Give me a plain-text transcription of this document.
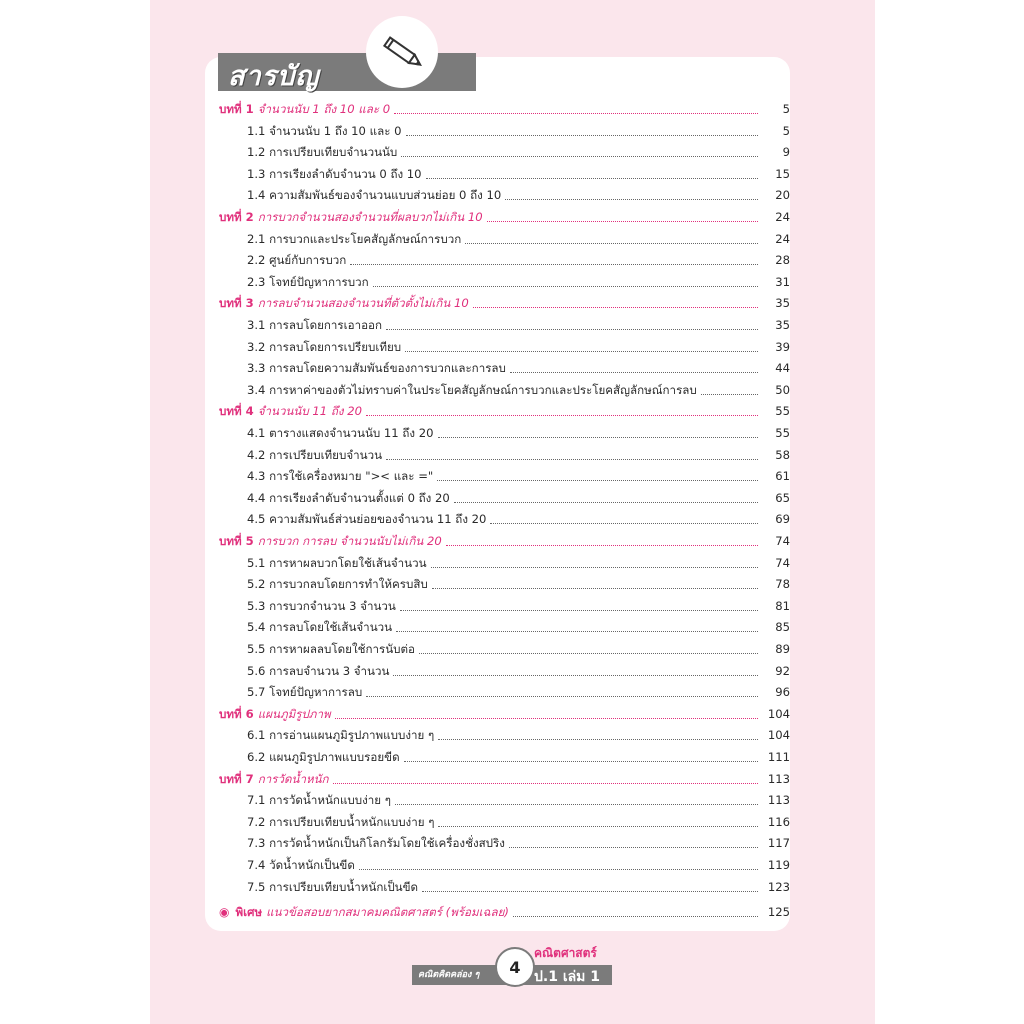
สารบัญ
บทที่ 1 จำนวนนับ 1 ถึง 10 และ 0	5
1.1 จำนวนนับ 1 ถึง 10 และ 0	5
1.2 การเปรียบเทียบจำนวนนับ	9
1.3 การเรียงลำดับจำนวน 0 ถึง 10	15
1.4 ความสัมพันธ์ของจำนวนแบบส่วนย่อย 0 ถึง 10	20
บทที่ 2 การบวกจำนวนสองจำนวนที่ผลบวกไม่เกิน 10	24
2.1 การบวกและประโยคสัญลักษณ์การบวก	24
2.2 ศูนย์กับการบวก	28
2.3 โจทย์ปัญหาการบวก	31
บทที่ 3 การลบจำนวนสองจำนวนที่ตัวตั้งไม่เกิน 10	35
3.1 การลบโดยการเอาออก	35
3.2 การลบโดยการเปรียบเทียบ	39
3.3 การลบโดยความสัมพันธ์ของการบวกและการลบ	44
3.4 การหาค่าของตัวไม่ทราบค่าในประโยคสัญลักษณ์การบวกและประโยคสัญลักษณ์การลบ	50
บทที่ 4 จำนวนนับ 11 ถึง 20	55
4.1 ตารางแสดงจำนวนนับ 11 ถึง 20	55
4.2 การเปรียบเทียบจำนวน	58
4.3 การใช้เครื่องหมาย ">< และ ="	61
4.4 การเรียงลำดับจำนวนตั้งแต่ 0 ถึง 20	65
4.5 ความสัมพันธ์ส่วนย่อยของจำนวน 11 ถึง 20	69
บทที่ 5 การบวก การลบ จำนวนนับไม่เกิน 20	74
5.1 การหาผลบวกโดยใช้เส้นจำนวน	74
5.2 การบวกลบโดยการทำให้ครบสิบ	78
5.3 การบวกจำนวน 3 จำนวน	81
5.4 การลบโดยใช้เส้นจำนวน	85
5.5 การหาผลลบโดยใช้การนับต่อ	89
5.6 การลบจำนวน 3 จำนวน	92
5.7 โจทย์ปัญหาการลบ	96
บทที่ 6 แผนภูมิรูปภาพ	104
6.1 การอ่านแผนภูมิรูปภาพแบบง่าย ๆ	104
6.2 แผนภูมิรูปภาพแบบรอยขีด	111
บทที่ 7 การวัดน้ำหนัก	113
7.1 การวัดน้ำหนักแบบง่าย ๆ	113
7.2 การเปรียบเทียบน้ำหนักแบบง่าย ๆ	116
7.3 การวัดน้ำหนักเป็นกิโลกรัมโดยใช้เครื่องชั่งสปริง	117
7.4 วัดน้ำหนักเป็นขีด	119
7.5 การเปรียบเทียบน้ำหนักเป็นขีด	123
◉ พิเศษ แนวข้อสอบยากสมาคมคณิตศาสตร์ (พร้อมเฉลย)	125
คณิตคิดคล่อง ๆ	4
คณิตศาสตร์
ป.1 เล่ม 1
